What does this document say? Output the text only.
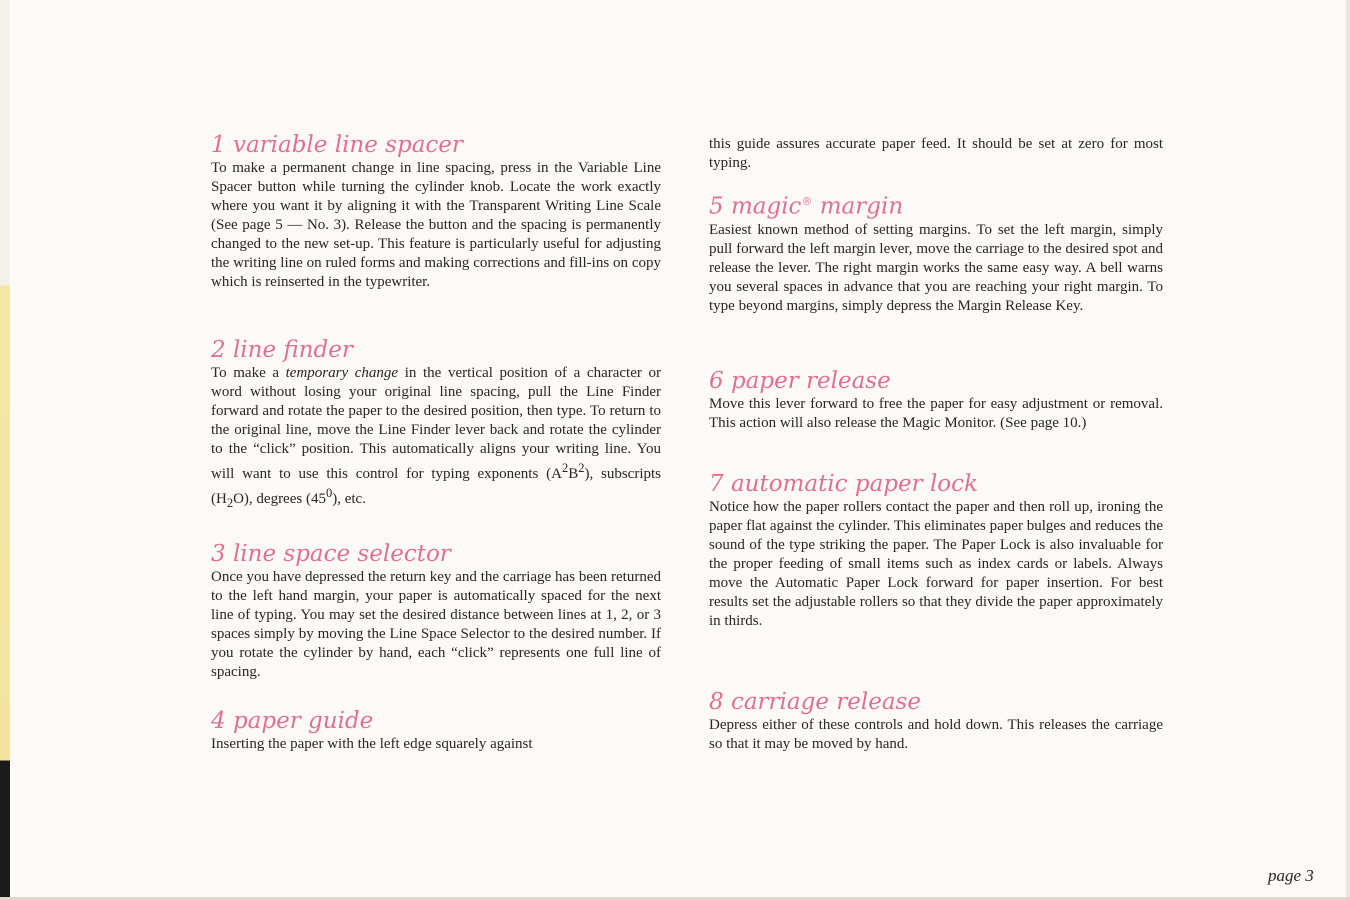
1 variable line spacer

To make a permanent change in line spacing, press in the Variable Line Spacer button while turning the cylinder knob. Locate the work exactly where you want it by aligning it with the Transparent Writing Line Scale (See page 5 — No. 3). Release the button and the spacing is permanently changed to the new set-up. This feature is particularly useful for adjusting the writing line on ruled forms and making corrections and fill-ins on copy which is reinserted in the typewriter.

2 line finder

To make a temporary change in the vertical position of a character or word without losing your original line spacing, pull the Line Finder forward and rotate the paper to the desired position, then type. To return to the original line, move the Line Finder lever back and rotate the cylinder to the “click” position. This automatically aligns your writing line. You will want to use this control for typing exponents $(A^2B^2)$, subscripts $(H_2O)$, degrees $(45^0)$, etc.

3 line space selector

Once you have depressed the return key and the carriage has been returned to the left hand margin, your paper is automatically spaced for the next line of typing. You may set the desired distance between lines at 1, 2, or 3 spaces simply by moving the Line Space Selector to the desired number. If you rotate the cylinder by hand, each “click” represents one full line of spacing.

4 paper guide

Inserting the paper with the left edge squarely against

this guide assures accurate paper feed. It should be set at zero for most typing.

5 magic® margin

Easiest known method of setting margins. To set the left margin, simply pull forward the left margin lever, move the carriage to the desired spot and release the lever. The right margin works the same easy way. A bell warns you several spaces in advance that you are reaching your right margin. To type beyond margins, simply depress the Margin Release Key.

6 paper release

Move this lever forward to free the paper for easy adjustment or removal. This action will also release the Magic Monitor. (See page 10.)

7 automatic paper lock

Notice how the paper rollers contact the paper and then roll up, ironing the paper flat against the cylinder. This eliminates paper bulges and reduces the sound of the type striking the paper. The Paper Lock is also invaluable for the proper feeding of small items such as index cards or labels. Always move the Automatic Paper Lock forward for paper insertion. For best results set the adjustable rollers so that they divide the paper approximately in thirds.

8 carriage release

Depress either of these controls and hold down. This releases the carriage so that it may be moved by hand.

page 3
